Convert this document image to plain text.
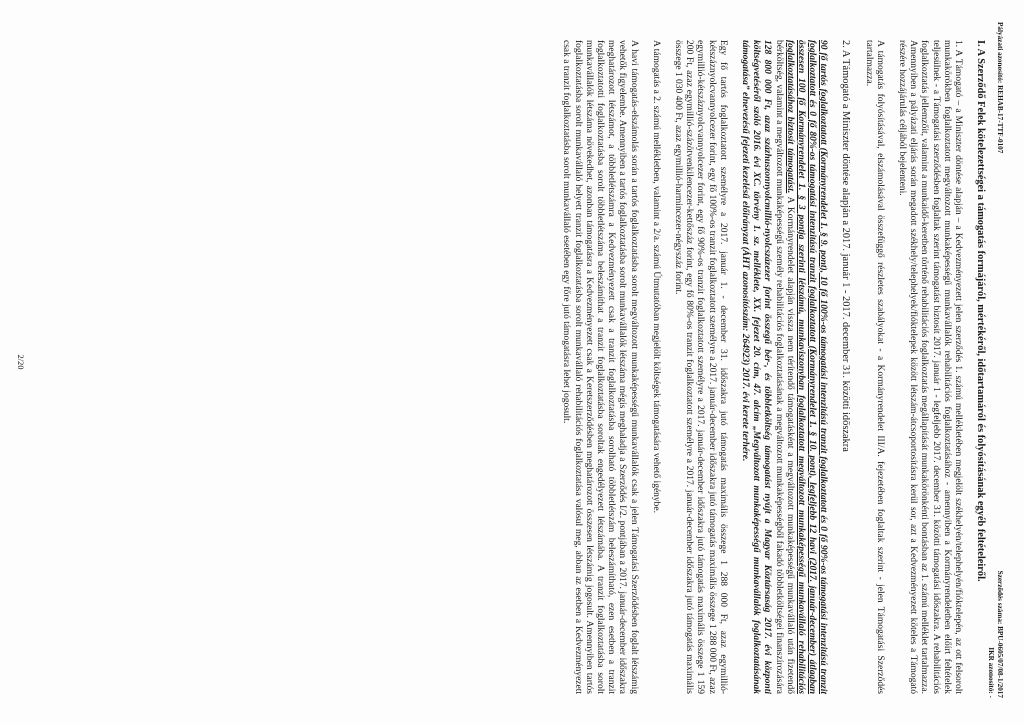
Pályázati azonosító: REHAB-17-TTF-0107
Szerződés száma: BPU-0605/07/08-1/2017
IKR azonosító: -

I. A Szerződő Felek kötelezettségei a támogatás formájáról, mértékéről, időtartamáról és folyósításának egyéb feltételeiről.

1. A Támogató – a Miniszter döntése alapján – a Kedvezményezett jelen szerződés 1. számú mellékletében megjelölt székhelyén/telephelyén/fióktelepén, az ott felsorolt munkakörökben foglalkoztatott megváltozott munkaképességű munkavállalók rehabilitációs foglalkoztatásához - amennyiben a Kormányrendeletben előírt feltételek teljesülnek - a Támogatási szerződésben foglaltak szerint támogatást biztosít 2017. január 1 - legfeljebb 2017. december 31. közötti támogatási időszakra. A rehabilitációs foglalkoztatás jellemzőit, valamint a munkaidő-keretben történő rehabilitációs foglalkoztatás megállapítását munkakörönkénti bontásban az 1. számú melléklet tartalmazza. Amennyiben a pályázati eljárás során megadott székhely/telephelyek/fióktelepek között létszám-átcsoportosításra kerül sor, azt a Kedvezményezett köteles a Támogató részére hozzájárulás céljából bejelenteni.

A támogatás folyósításával, elszámolásával összefüggő részletes szabályokat - a Kormányrendelet III/A. fejezetében foglaltak szerint - jelen Támogatási Szerződés tartalmazza.

2. A Támogató a Miniszter döntése alapján a 2017. január 1 - 2017. december 31. közötti időszakra

90 fő tartós foglalkoztatott (Kormányrendelet 1. § 9. pont), 10 fő 100%-os támogatási intenzitású tranzit foglalkoztatott és 0 fő 90%-os támogatási intenzitású tranzit foglalkoztatott és 0 fő 80%-os támogatási intenzitású tranzit foglalkoztatott (Kormányrendelet 1. § 10. pont), legfeljebb 12 havi (2017. január-december) átlagban összesen 100 fő Kormányrendelet 1. § 3 pontja szerinti létszámú, munkaviszonyban foglalkoztatott megváltozott munkaképességű munkavállaló rehabilitációs foglalkoztatásához biztosít támogatást. A Kormányrendelet alapján vissza nem térítendő támogatásként a megváltozott munkaképességű munkavállaló után fizetendő bérköltség, valamint a megváltozott munkaképességű személy rehabilitációs foglalkoztatásának a megváltozott munkaképességből fakadó többletköltségei finanszírozására 128 800 000 Ft, azaz százhuszonnyolcmillió-nyolcszázezer forint összegű bér-, és többletköltség támogatást nyújt a Magyar Köztársaság 2017. évi központi költségvetéséről szóló 2016. évi XC. törvény 1. sz. melléklete, XX. fejezet 20. cím, 47. alcím „Megváltozott munkaképességű munkavállalók foglalkoztatásának támogatása” elnevezésű fejezeti kezelésű előirányzat (ÁHT azonosítószám: 264923) 2017. évi kerete terhére.

Egy fő tartós foglalkoztatott személyre a 2017. január 1. - december 31. időszakra jutó támogatás maximális összege 1 288 000 Ft, azaz egymillió-kétszáznyolcvannyolcezer forint, egy fő 100%-os tranzit foglalkoztatott személyre a 2017. január-december időszakra jutó támogatás maximális összege 1 288 000 Ft, azaz egymillió-kétszáznyolcvannyolcezer forint, egy fő 90%-os tranzit foglalkoztatott személyre a 2017. január-december időszakra jutó támogatás maximális összege 1 159 200 Ft, azaz egymillió-százötvenkilencezer-kettőszáz forint, egy fő 80%-os tranzit foglalkoztatott személyre a 2017. január-december időszakra jutó támogatás maximális összege 1 030 400 Ft, azaz egymillió-harmincezer-négyszáz forint.

A támogatás a 2. számú mellékletben, valamint a 2/a. számú Útmutatóban megjelölt költségek támogatására vehető igénybe.

A havi támogatás-elszámolás során a tartós foglalkoztatásba sorolt megváltozott munkaképességű munkavállalók csak a jelen Támogatási Szerződésben foglalt létszámig vehetők figyelembe. Amennyiben a tartós foglalkoztatásba sorolt munkavállalók létszáma mégis meghaladja a Szerződés I/2. pontjában a 2017. január-december időszakra meghatározott létszámot, a többletlétszámra a Kedvezményezett csak a tranzit foglalkoztatásba sorolható többletlétszám beleszámítható, ezen esetben a tranzit foglalkoztatotti foglalkoztatásba sorolt többletlétszáma beleszámíthat a tranzit foglalkoztatásba soroltak engedélyezett létszámába. A tranzit foglalkoztatásba sorolt munkavállalók létszáma növekedhet, azonban támogatásra a Kedvezményezett csak a Keretszerződésben meghatározott összesen létszámig jogosult. Amennyiben tartós foglalkoztatásba sorolt munkavállaló helyett tranzit foglalkoztatásba sorolt munkavállaló rehabilitációs foglalkoztatása valósul meg, abban az esetben a Kedvezményezett csak a tranzit foglalkoztatásba sorolt munkavállaló esetében egy főre jutó támogatásra lehet jogosult.

2/20
